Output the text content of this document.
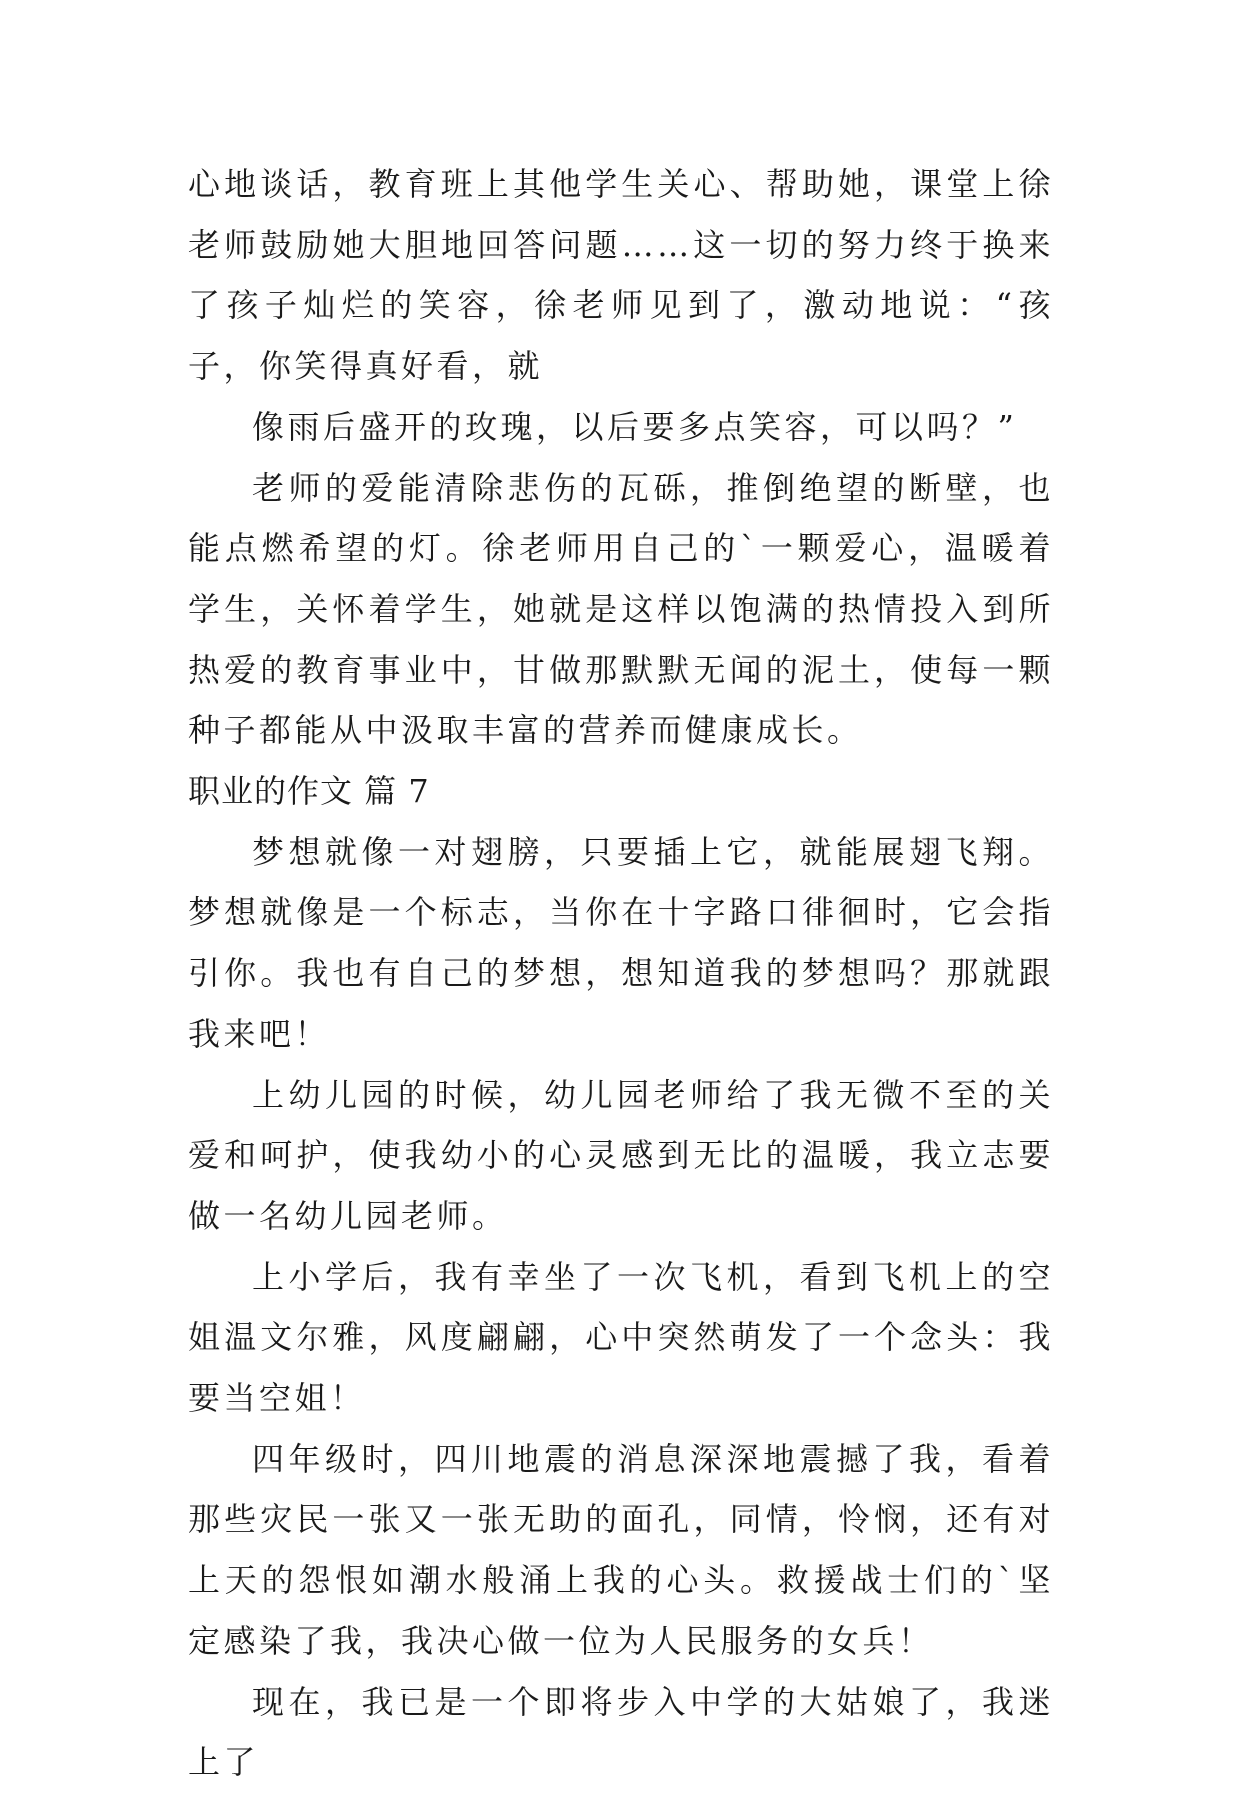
心地谈话，教育班上其他学生关心、帮助她，课堂上徐老师鼓励她大胆地回答问题……这一切的努力终于换来了孩子灿烂的笑容，徐老师见到了，激动地说：“孩子，你笑得真好看，就

像雨后盛开的玫瑰，以后要多点笑容，可以吗？”

老师的爱能清除悲伤的瓦砾，推倒绝望的断壁，也能点燃希望的灯。徐老师用自己的`一颗爱心，温暖着学生，关怀着学生，她就是这样以饱满的热情投入到所热爱的教育事业中，甘做那默默无闻的泥土，使每一颗种子都能从中汲取丰富的营养而健康成长。

职业的作文 篇 7

梦想就像一对翅膀，只要插上它，就能展翅飞翔。梦想就像是一个标志，当你在十字路口徘徊时，它会指引你。我也有自己的梦想，想知道我的梦想吗？那就跟我来吧！

上幼儿园的时候，幼儿园老师给了我无微不至的关爱和呵护，使我幼小的心灵感到无比的温暖，我立志要做一名幼儿园老师。

上小学后，我有幸坐了一次飞机，看到飞机上的空姐温文尔雅，风度翩翩，心中突然萌发了一个念头：我要当空姐！

四年级时，四川地震的消息深深地震撼了我，看着那些灾民一张又一张无助的面孔，同情，怜悯，还有对上天的怨恨如潮水般涌上我的心头。救援战士们的`坚定感染了我，我决心做一位为人民服务的女兵！

现在，我已是一个即将步入中学的大姑娘了，我迷上了
